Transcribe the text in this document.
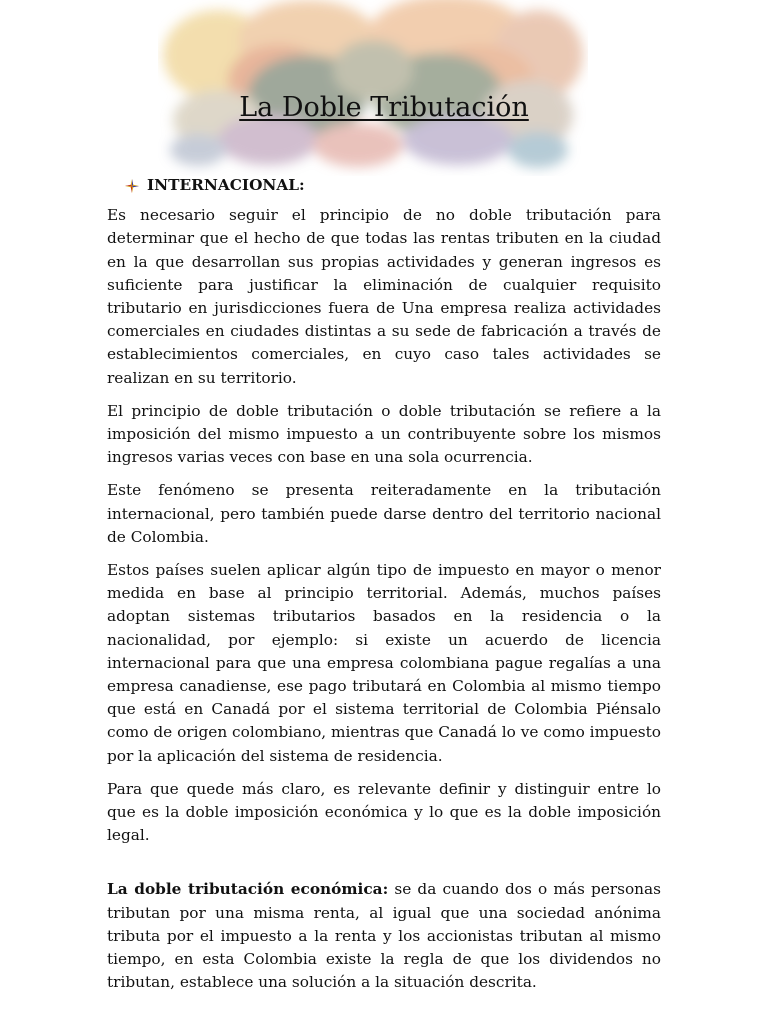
La Doble Tributación
INTERNACIONAL:

Es necesario seguir el principio de no doble tributación para determinar que el hecho de que todas las rentas tributen en la ciudad en la que desarrollan sus propias actividades y generan ingresos es suficiente para justificar la eliminación de cualquier requisito tributario en jurisdicciones fuera de Una empresa realiza actividades comerciales en ciudades distintas a su sede de fabricación a través de establecimientos comerciales, en cuyo caso tales actividades se realizan en su territorio.

El principio de doble tributación o doble tributación se refiere a la imposición del mismo impuesto a un contribuyente sobre los mismos ingresos varias veces con base en una sola ocurrencia.

Este fenómeno se presenta reiteradamente en la tributación internacional, pero también puede darse dentro del territorio nacional de Colombia.

Estos países suelen aplicar algún tipo de impuesto en mayor o menor medida en base al principio territorial. Además, muchos países adoptan sistemas tributarios basados en la residencia o la nacionalidad, por ejemplo: si existe un acuerdo de licencia internacional para que una empresa colombiana pague regalías a una empresa canadiense, ese pago tributará en Colombia al mismo tiempo que está en Canadá por el sistema territorial de Colombia Piénsalo como de origen colombiano, mientras que Canadá lo ve como impuesto por la aplicación del sistema de residencia.

Para que quede más claro, es relevante definir y distinguir entre lo que es la doble imposición económica y lo que es la doble imposición legal.

La doble tributación económica: se da cuando dos o más personas tributan por una misma renta, al igual que una sociedad anónima tributa por el impuesto a la renta y los accionistas tributan al mismo tiempo, en esta Colombia existe la regla de que los dividendos no tributan, establece una solución a la situación descrita.
